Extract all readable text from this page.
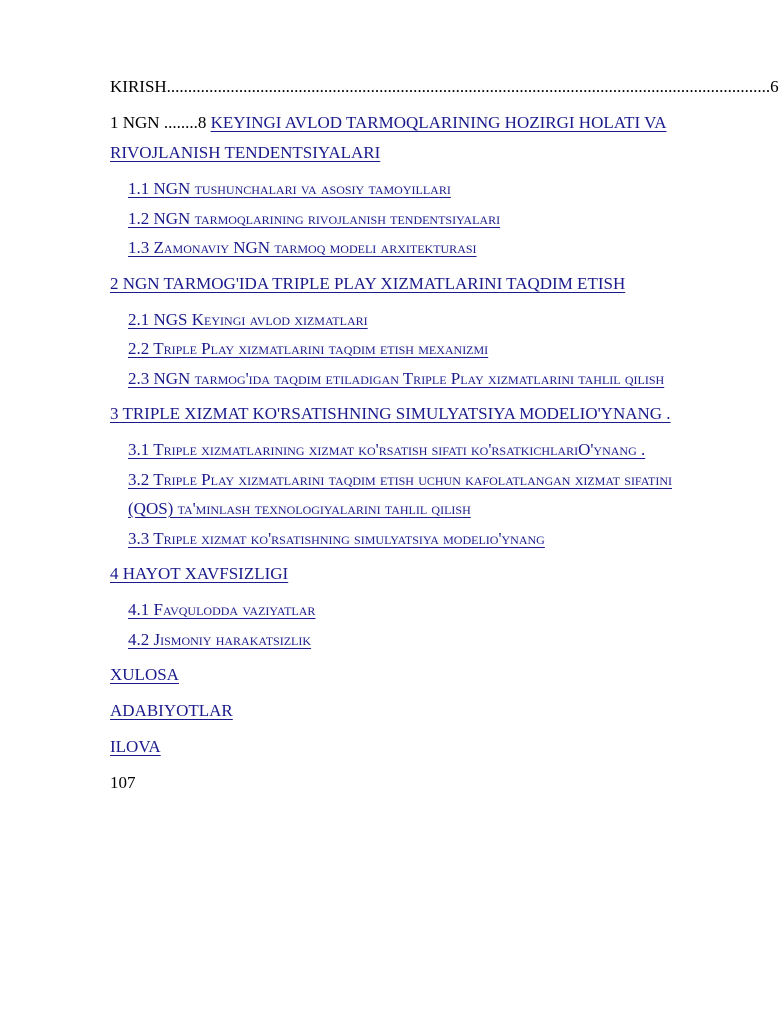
KIRISH .............................................................................................................................................. 6
1 NGN ........8 KEYINGI AVLOD TARMOQLARINING HOZIRGI HOLATI VA RIVOJLANISH TENDENTSIYALARI
1.1 NGN tushunchalari va asosiy tamoyillari
1.2 NGN tarmoqlarining rivojlanish tendentsiyalari
1.3 Zamonaviy NGN tarmoq modeli arxitekturasi
2 NGN TARMOG'IDA TRIPLE PLAY XIZMATLARINI TAQDIM ETISH
2.1 NGS Keyingi avlod xizmatlari
2.2 Triple Play xizmatlarini taqdim etish mexanizmi
2.3 NGN tarmog'ida taqdim etiladigan Triple Play xizmatlarini tahlil qilish
3 TRIPLE XIZMAT KO'RSATISHNING SIMULYATSIYA MODELIO'YNANG .
3.1 Triple xizmatlarining xizmat ko'rsatish sifati ko'rsatkichlariO'ynang .
3.2 Triple Play xizmatlarini taqdim etish uchun kafolatlangan xizmat sifatini (QOS) ta'minlash texnologiyalarini tahlil qilish
3.3 Triple xizmat ko'rsatishning simulyatsiya modelio'ynang
4 HAYOT XAVFSIZLIGI
4.1 Favqulodda vaziyatlar
4.2 Jismoniy harakatsizlik
XULOSA
ADABIYOTLAR
ILOVA
107
